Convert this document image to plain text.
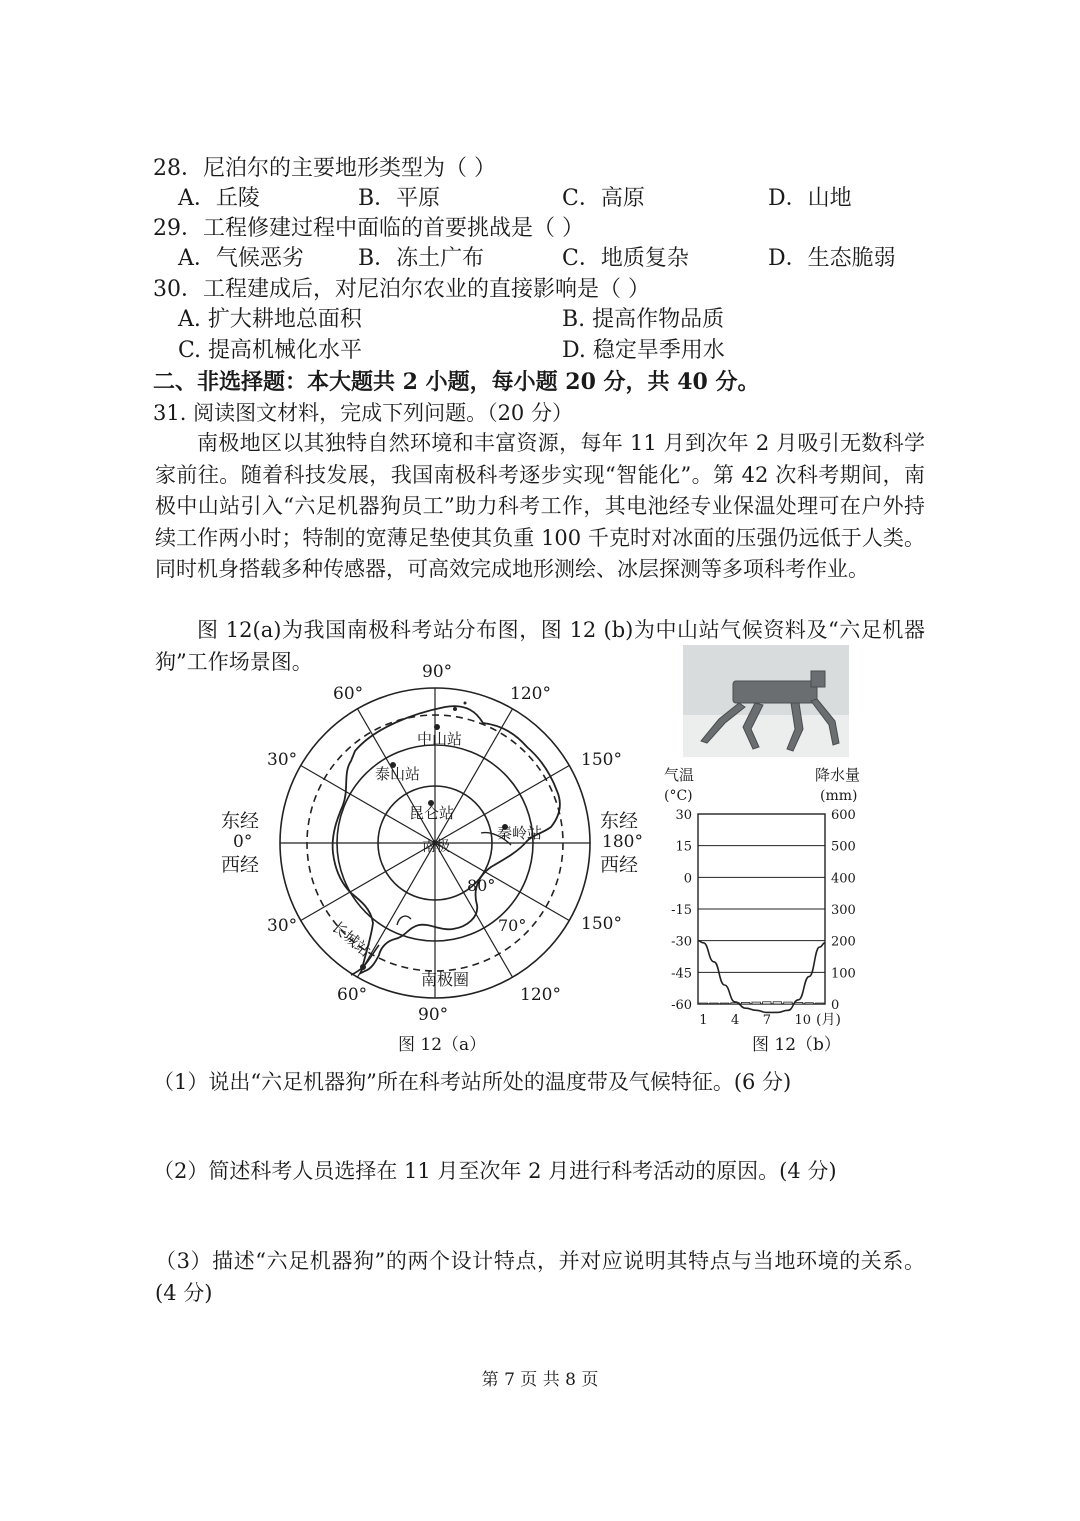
28．尼泊尔的主要地形类型为（ ）
A．丘陵	B．平原	C．高原	D．山地
29．工程修建过程中面临的首要挑战是（ ）
A．气候恶劣 B．冻土广布	C．地质复杂	D．生态脆弱
30．工程建成后，对尼泊尔农业的直接影响是（ ）
A. 扩大耕地总面积	B. 提高作物品质
C. 提高机械化水平	D. 稳定旱季用水
二、非选择题：本大题共 2 小题，每小题 20 分，共 40 分。
31. 阅读图文材料，完成下列问题。（20 分）
南极地区以其独特自然环境和丰富资源，每年 11 月到次年 2 月吸引无数科学家前往。随着科技发展，我国南极科考逐步实现“智能化”。第 42 次科考期间，南极中山站引入“六足机器狗员工”助力科考工作，其电池经专业保温处理可在户外持续工作两小时；特制的宽薄足垫使其负重 100 千克时对冰面的压强仍远低于人类。同时机身搭载多种传感器，可高效完成地形测绘、冰层探测等多项科考作业。
图 12(a)为我国南极科考站分布图，图 12 (b)为中山站气候资料及“六足机器狗”工作场景图。
中山站
泰山站
昆仑站
秦岭站
长城站
南极
南极圈
80°
70°
90°
120°
150°
东经
180°
西经
150°
120°
90°
60°
30°
东经
0°
西经
30°
60°
图 12（a）
气温
(°C)
降水量
(mm)
30
15
0
-15
-30
-45
-60
600
500
400
300
200
100
0
1 4 7 10 (月)
图 12（b）
（1）说出“六足机器狗”所在科考站所处的温度带及气候特征。(6 分)
（2）简述科考人员选择在 11 月至次年 2 月进行科考活动的原因。(4 分)
（3）描述“六足机器狗”的两个设计特点，并对应说明其特点与当地环境的关系。(4 分)
第 7 页 共 8 页
